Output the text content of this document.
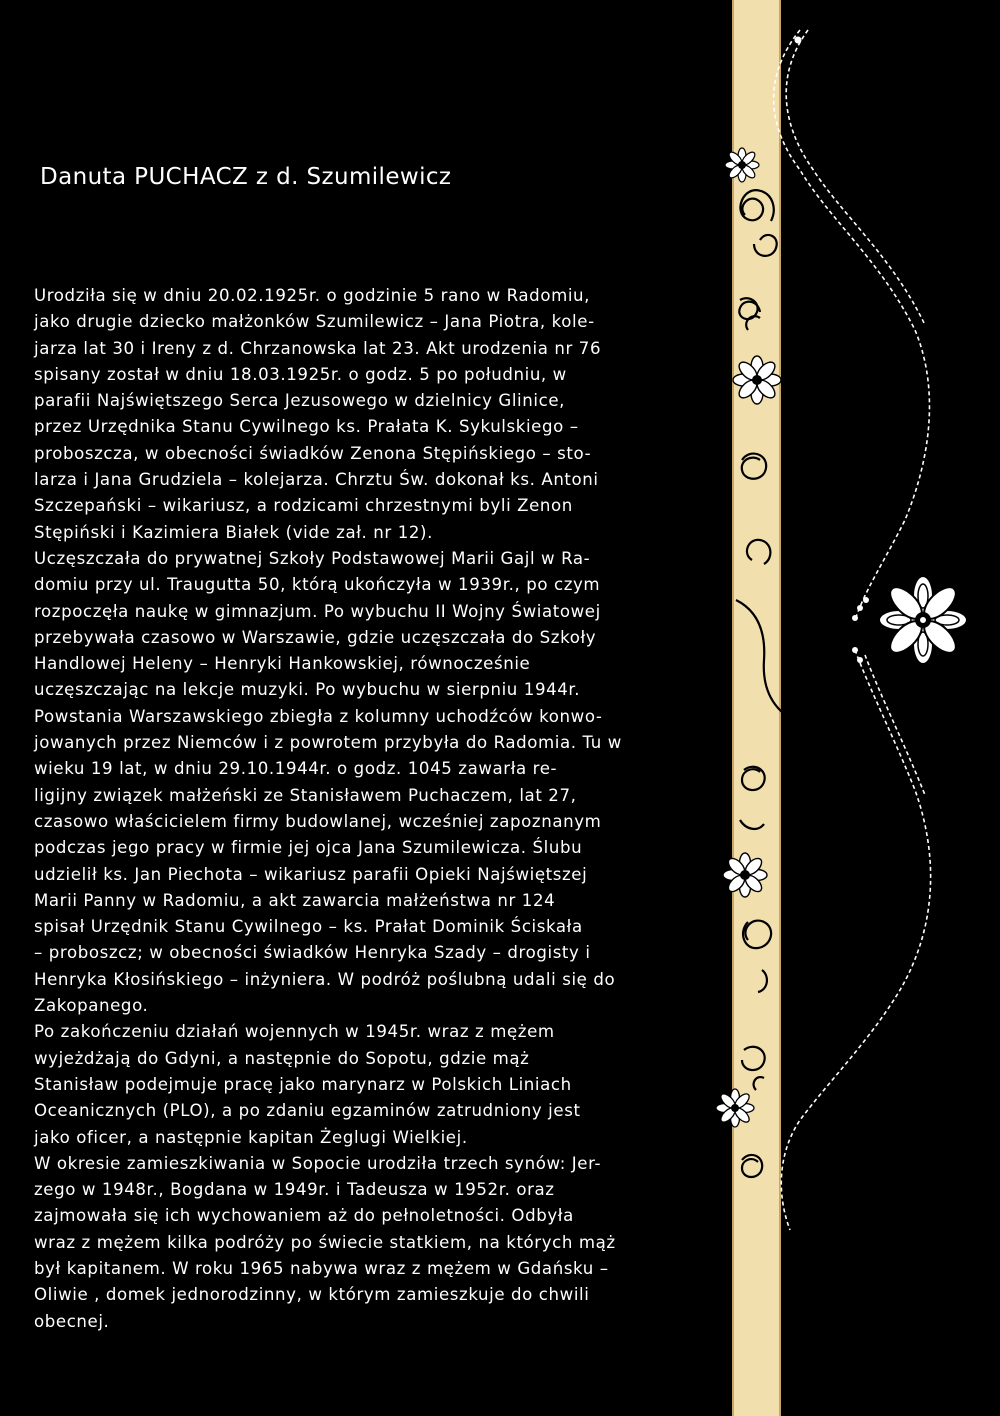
Danuta PUCHACZ z d. Szumilewicz
Urodziła się w dniu 20.02.1925r. o godzinie 5 rano w Radomiu,
jako drugie dziecko małżonków Szumilewicz – Jana Piotra, kole-
jarza lat 30 i Ireny z d. Chrzanowska lat 23. Akt urodzenia nr 76
spisany został w dniu 18.03.1925r. o godz. 5 po południu, w
parafii Najświętszego Serca Jezusowego w dzielnicy Glinice,
przez Urzędnika Stanu Cywilnego ks. Prałata K. Sykulskiego –
proboszcza, w obecności świadków Zenona Stępińskiego – sto-
larza i Jana Grudziela – kolejarza. Chrztu Św. dokonał ks. Antoni
Szczepański – wikariusz, a rodzicami chrzestnymi byli Zenon
Stępiński i Kazimiera Białek (vide zał. nr 12).
Uczęszczała do prywatnej Szkoły Podstawowej Marii Gajl w Ra-
domiu przy ul. Traugutta 50, którą ukończyła w 1939r., po czym
rozpoczęła naukę w gimnazjum. Po wybuchu II Wojny Światowej
przebywała czasowo w Warszawie, gdzie uczęszczała do Szkoły
Handlowej Heleny – Henryki Hankowskiej, równocześnie
uczęszczając na lekcje muzyki. Po wybuchu w sierpniu 1944r.
Powstania Warszawskiego zbiegła z kolumny uchodźców konwo-
jowanych przez Niemców i z powrotem przybyła do Radomia. Tu w
wieku 19 lat, w dniu 29.10.1944r. o godz. 1045 zawarła re-
ligijny związek małżeński ze Stanisławem Puchaczem, lat 27,
czasowo właścicielem firmy budowlanej, wcześniej zapoznanym
podczas jego pracy w firmie jej ojca Jana Szumilewicza. Ślubu
udzielił ks. Jan Piechota – wikariusz parafii Opieki Najświętszej
Marii Panny w Radomiu, a akt zawarcia małżeństwa nr 124
spisał Urzędnik Stanu Cywilnego – ks. Prałat Dominik Ściskała
– proboszcz; w obecności świadków Henryka Szady – drogisty i
Henryka Kłosińskiego – inżyniera. W podróż poślubną udali się do
Zakopanego.
Po zakończeniu działań wojennych w 1945r. wraz z mężem
wyjeżdżają do Gdyni, a następnie do Sopotu, gdzie mąż
Stanisław podejmuje pracę jako marynarz w Polskich Liniach
Oceanicznych (PLO), a po zdaniu egzaminów zatrudniony jest
jako oficer, a następnie kapitan Żeglugi Wielkiej.
W okresie zamieszkiwania w Sopocie urodziła trzech synów: Jer-
zego w 1948r., Bogdana w 1949r. i Tadeusza w 1952r. oraz
zajmowała się ich wychowaniem aż do pełnoletności. Odbyła
wraz z mężem kilka podróży po świecie statkiem, na których mąż
był kapitanem. W roku 1965 nabywa wraz z mężem w Gdańsku –
Oliwie , domek jednorodzinny, w którym zamieszkuje do chwili
obecnej.
